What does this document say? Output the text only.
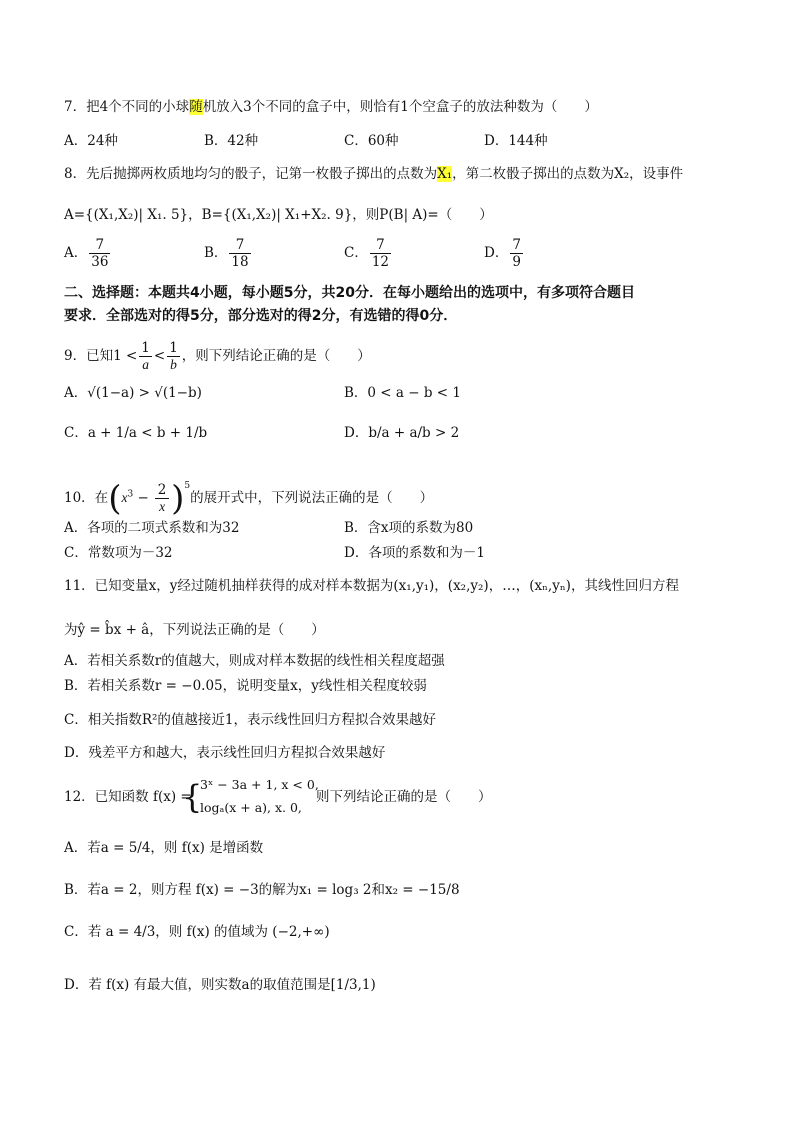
7．把4个不同的小球随机放入3个不同的盒子中，则恰有1个空盒子的放法种数为（　　）
A．24种	B．42种	C．60种	D．144种
8．先后抛掷两枚质地均匀的骰子，记第一枚骰子掷出的点数为X₁，第二枚骰子掷出的点数为X₂，设事件
A={(X₁,X₂)| X₁. 5}，B={(X₁,X₂)| X₁+X₂. 9}，则P(B| A)=（　　）
A． $\frac{7}{36}$	B． $\frac{7}{18}$	C． $\frac{7}{12}$	D． $\frac{7}{9}$
二、选择题：本题共4小题，每小题5分，共20分．在每小题给出的选项中，有多项符合题目
要求．全部选对的得5分，部分选对的得2分，有选错的得0分．
9．已知$1 < \frac{1}{a} < \frac{1}{b}$ ，则下列结论正确的是（　　）
A．√(1−a) > √(1−b)	B．0 < a − b < 1
C．a + 1/a < b + 1/b	D．b/a + a/b > 2
10．在$(x^3 - \frac{2}{x} )^5$的展开式中，下列说法正确的是（　　）
A．各项的二项式系数和为32	B．含x项的系数为80
C．常数项为－32	D．各项的系数和为－1
11．已知变量x，y经过随机抽样获得的成对样本数据为(x₁,y₁)，(x₂,y₂)，…，(xₙ,yₙ)，其线性回归方程
为ŷ = b̂x + â，下列说法正确的是（　　）
A．若相关系数r的值越大，则成对样本数据的线性相关程度超强
B．若相关系数r = −0.05，说明变量x，y线性相关程度较弱
C．相关指数R²的值越接近1，表示线性回归方程拟合效果越好
D．残差平方和越大，表示线性回归方程拟合效果越好
12．已知函数 f(x) =
{
3ˣ − 3a + 1, x < 0,
logₐ(x + a), x. 0,
则下列结论正确的是（　　）
A．若a = 5/4，则 f(x) 是增函数
B．若a = 2，则方程 f(x) = −3的解为x₁ = log₃ 2和x₂ = −15/8
C．若 a = 4/3，则 f(x) 的值域为 (−2,+∞)
D．若 f(x) 有最大值，则实数a的取值范围是[1/3,1)
